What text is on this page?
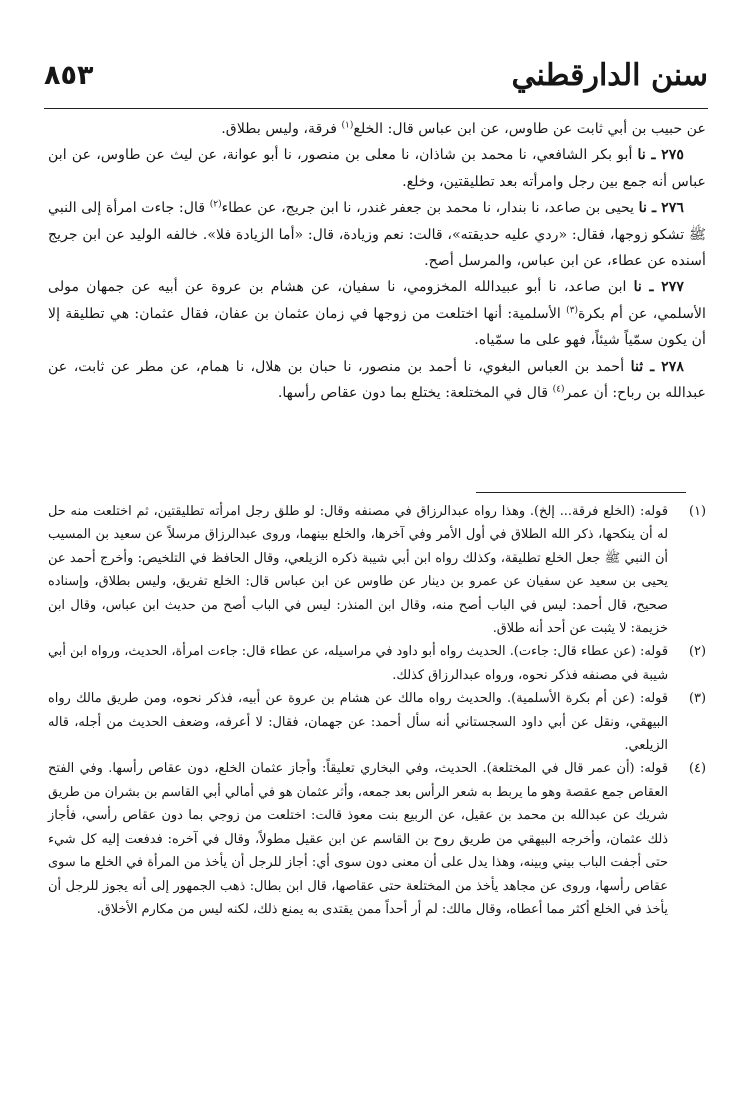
٨٥٣	سنن الدارقطني

عن حبيب بن أبي ثابت عن طاوس، عن ابن عباس قال: الخلع$^{(١)}$ فرقة، وليس بطلاق.

٢٧٥ ـ نا أبو بكر الشافعي، نا محمد بن شاذان، نا معلى بن منصور، نا أبو عوانة، عن ليث عن طاوس، عن ابن عباس أنه جمع بين رجل وامرأته بعد تطليقتين، وخلع.

٢٧٦ ـ نا يحيى بن صاعد، نا بندار، نا محمد بن جعفر غندر، نا ابن جريج، عن عطاء$^{(٢)}$ قال: جاءت امرأة إلى النبي ﷺ تشكو زوجها، فقال: «ردي عليه حديقته»، قالت: نعم وزيادة، قال: «أما الزيادة فلا». خالفه الوليد عن ابن جريج أسنده عن عطاء، عن ابن عباس، والمرسل أصح.

٢٧٧ ـ نا ابن صاعد، نا أبو عبيدالله المخزومي، نا سفيان، عن هشام بن عروة عن أبيه عن جمهان مولى الأسلمي، عن أم بكرة$^{(٣)}$ الأسلمية: أنها اختلعت من زوجها في زمان عثمان بن عفان، فقال عثمان: هي تطليقة إلا أن يكون سمّياً شيئاً، فهو على ما سمّياه.

٢٧٨ ـ ثنا أحمد بن العباس البغوي، نا أحمد بن منصور، نا حبان بن هلال، نا همام، عن مطر عن ثابت، عن عبدالله بن رباح: أن عمر$^{(٤)}$ قال في المختلعة: يختلع بما دون عقاص رأسها.

(١)
قوله: (الخلع فرقة... إلخ). وهذا رواه عبدالرزاق في مصنفه وقال: لو طلق رجل امرأته تطليقتين، ثم اختلعت منه حل له أن ينكحها، ذكر الله الطلاق في أول الأمر وفي آخرها، والخلع بينهما، وروى عبدالرزاق مرسلاً عن سعيد بن المسيب أن النبي ﷺ جعل الخلع تطليقة، وكذلك رواه ابن أبي شيبة ذكره الزيلعي، وقال الحافظ في التلخيص: وأخرج أحمد عن يحيى بن سعيد عن سفيان عن عمرو بن دينار عن طاوس عن ابن عباس قال: الخلع تفريق، وليس بطلاق، وإسناده صحيح، قال أحمد: ليس في الباب أصح منه، وقال ابن المنذر: ليس في الباب أصح من حديث ابن عباس، وقال ابن خزيمة: لا يثبت عن أحد أنه طلاق.
(٢)
قوله: (عن عطاء قال: جاءت). الحديث رواه أبو داود في مراسيله، عن عطاء قال: جاءت امرأة، الحديث، ورواه ابن أبي شيبة في مصنفه فذكر نحوه، ورواه عبدالرزاق كذلك.
(٣)
قوله: (عن أم بكرة الأسلمية). والحديث رواه مالك عن هشام بن عروة عن أبيه، فذكر نحوه، ومن طريق مالك رواه البيهقي، ونقل عن أبي داود السجستاني أنه سأل أحمد: عن جهمان، فقال: لا أعرفه، وضعف الحديث من أجله، قاله الزيلعي.
(٤)
قوله: (أن عمر قال في المختلعة). الحديث، وفي البخاري تعليقاً: وأجاز عثمان الخلع، دون عقاص رأسها. وفي الفتح العقاص جمع عقصة وهو ما يربط به شعر الرأس بعد جمعه، وأثر عثمان هو في أمالي أبي القاسم بن بشران من طريق شريك عن عبدالله بن محمد بن عقيل، عن الربيع بنت معوذ قالت: اختلعت من زوجي بما دون عقاص رأسي، فأجاز ذلك عثمان، وأخرجه البيهقي من طريق روح بن القاسم عن ابن عقيل مطولاً، وقال في آخره: فدفعت إليه كل شيء حتى أجفت الباب بيني وبينه، وهذا يدل على أن معنى دون سوى أي: أجاز للرجل أن يأخذ من المرأة في الخلع ما سوى عقاص رأسها، وروى عن مجاهد يأخذ من المختلعة حتى عقاصها، قال ابن بطال: ذهب الجمهور إلى أنه يجوز للرجل أن يأخذ في الخلع أكثر مما أعطاه، وقال مالك: لم أر أحداً ممن يقتدى به يمنع ذلك، لكنه ليس من مكارم الأخلاق.
